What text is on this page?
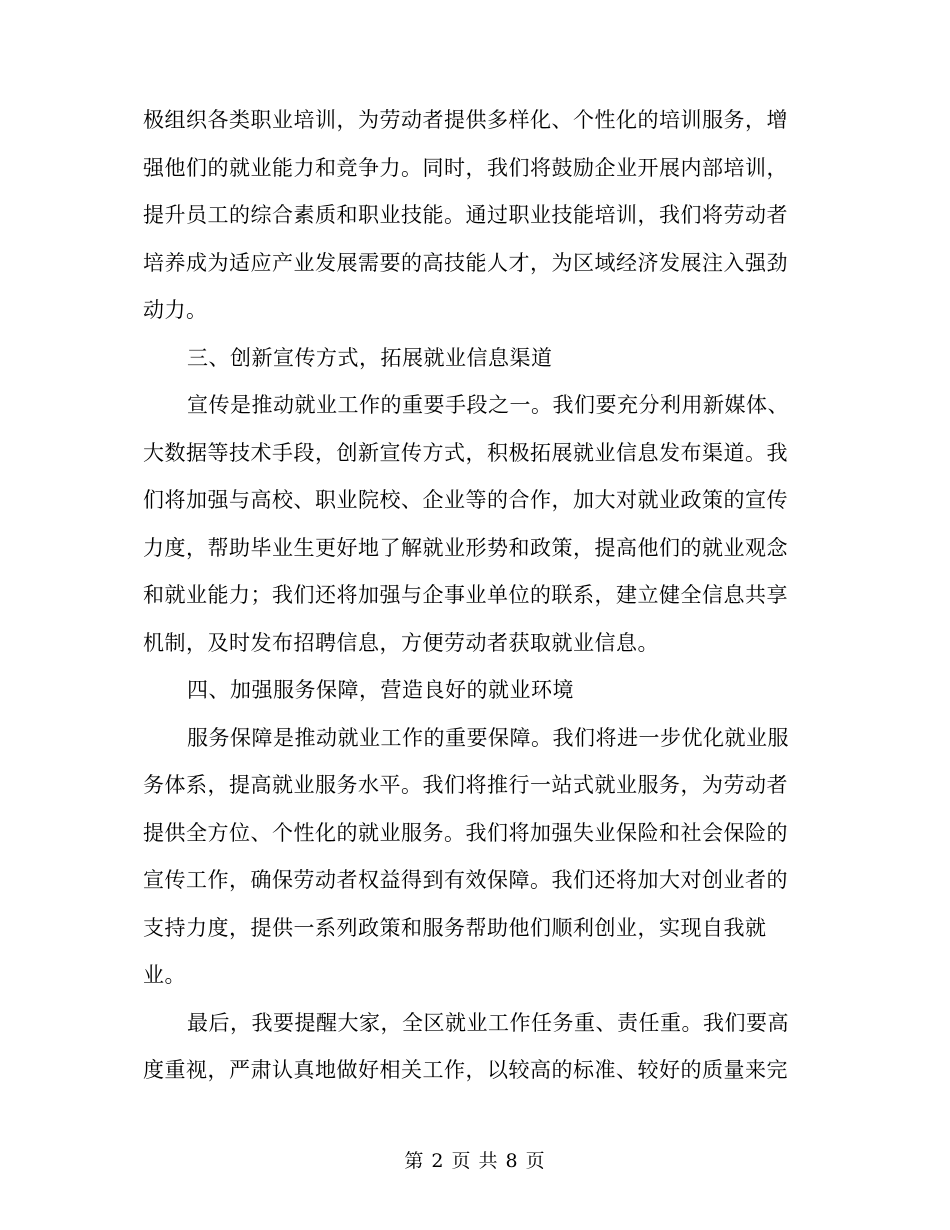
极组织各类职业培训，为劳动者提供多样化、个性化的培训服务，增
强他们的就业能力和竞争力。同时，我们将鼓励企业开展内部培训，
提升员工的综合素质和职业技能。通过职业技能培训，我们将劳动者
培养成为适应产业发展需要的高技能人才，为区域经济发展注入强劲
动力。
三、创新宣传方式，拓展就业信息渠道
宣传是推动就业工作的重要手段之一。我们要充分利用新媒体、
大数据等技术手段，创新宣传方式，积极拓展就业信息发布渠道。我
们将加强与高校、职业院校、企业等的合作，加大对就业政策的宣传
力度，帮助毕业生更好地了解就业形势和政策，提高他们的就业观念
和就业能力；我们还将加强与企事业单位的联系，建立健全信息共享
机制，及时发布招聘信息，方便劳动者获取就业信息。
四、加强服务保障，营造良好的就业环境
服务保障是推动就业工作的重要保障。我们将进一步优化就业服
务体系，提高就业服务水平。我们将推行一站式就业服务，为劳动者
提供全方位、个性化的就业服务。我们将加强失业保险和社会保险的
宣传工作，确保劳动者权益得到有效保障。我们还将加大对创业者的
支持力度，提供一系列政策和服务帮助他们顺利创业，实现自我就
业。
最后，我要提醒大家，全区就业工作任务重、责任重。我们要高
度重视，严肃认真地做好相关工作，以较高的标准、较好的质量来完
第 2 页 共 8 页
